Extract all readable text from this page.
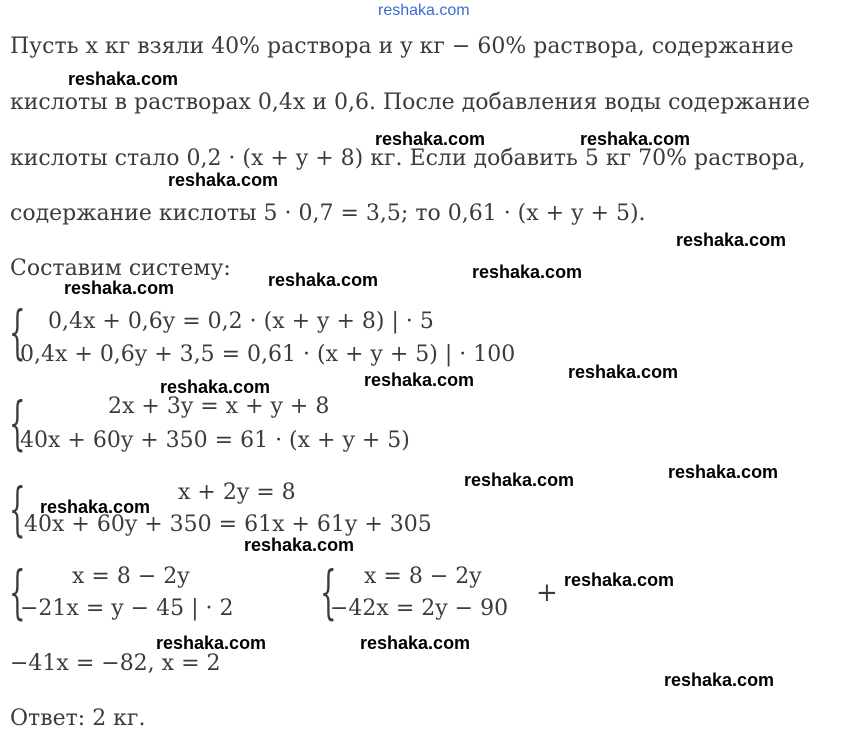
reshaka.com
Пусть x кг взяли 40% раствора и y кг − 60% раствора, содержание
кислоты в растворах 0,4x и 0,6. После добавления воды содержание
кислоты стало 0,2 · (x + y + 8) кг. Если добавить 5 кг 70% раствора,
содержание кислоты 5 · 0,7 = 3,5; то 0,61 · (x + y + 5).
Составим систему:
{ 0,4x + 0,6y = 0,2 · (x + y + 8) | · 5
0,4x + 0,6y + 3,5 = 0,61 · (x + y + 5) | · 100
{	2x + 3y = x + y + 8
40x + 60y + 350 = 61 · (x + y + 5)
{	x + 2y = 8
40x + 60y + 350 = 61x + 61y + 305
{ x = 8 − 2y
−21x = y − 45 | · 2 { x = 8 − 2y
−42x = 2y − 90
+
−41x = −82, x = 2
Ответ: 2 кг.
reshaka.com
reshaka.com	reshaka.com
reshaka.com
reshaka.com
reshaka.com	reshaka.com
reshaka.com
reshaka.com	reshaka.com	reshaka.com
reshaka.com
reshaka.com
reshaka.com
reshaka.com
reshaka.com
reshaka.com	reshaka.com
reshaka.com
